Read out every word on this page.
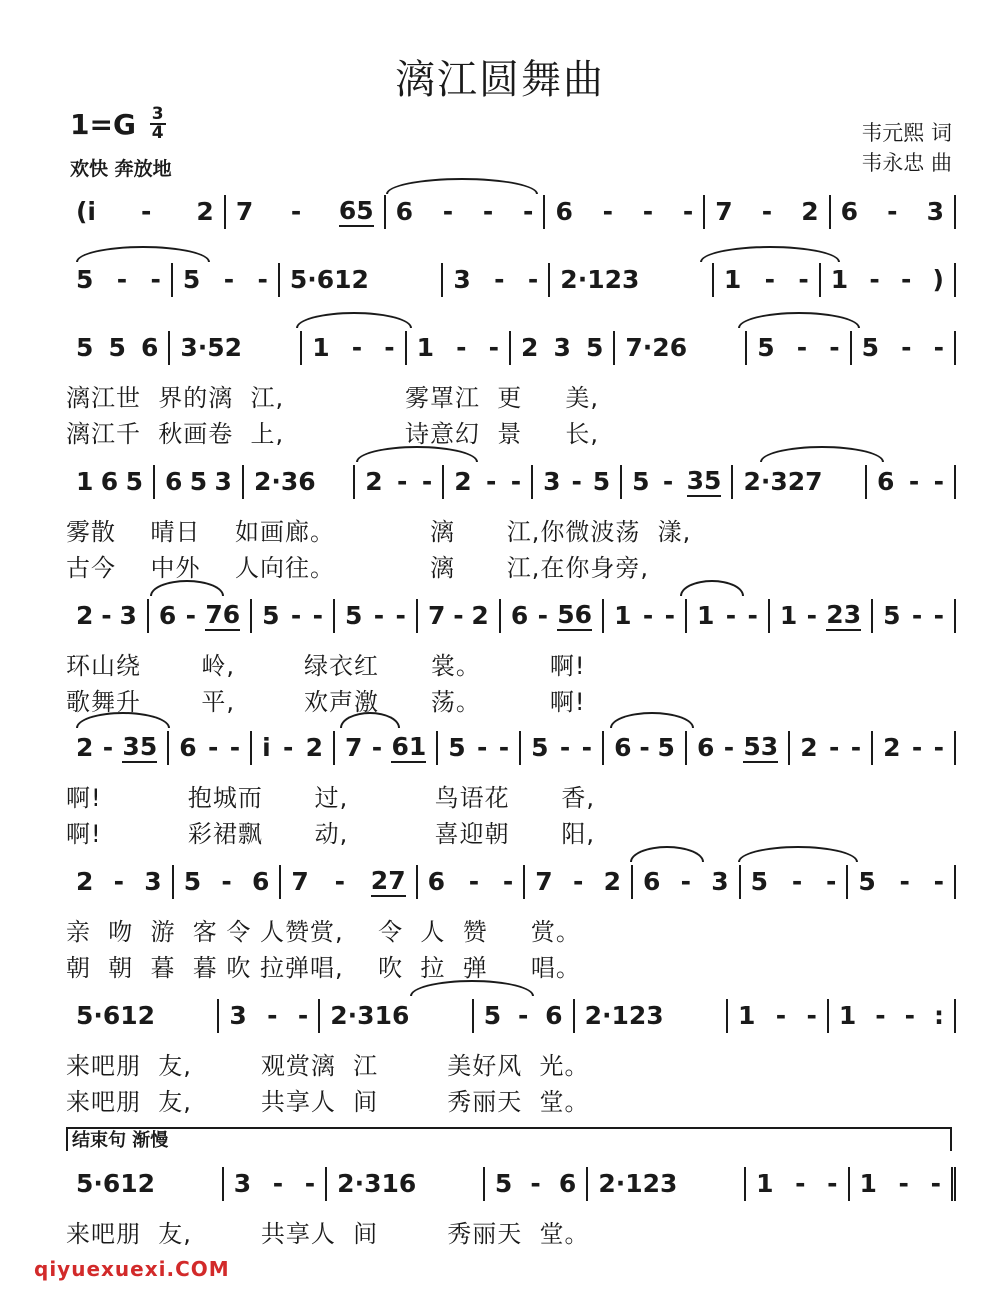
漓江圆舞曲
$1=G \frac{3}{4}$
欢快 奔放地
韦元熙 词
韦永忠 曲
(i - 2 7 - 65 6 - - - 6 - - - 7 - 2 6 - 3
5 - - 5 - - 5·612	3 - - 2·123	1 - - 1 - - )
5 5 6 3·52	1 - - 1 - - 2 3 5 7·26	5 - - 5 - -
漓江世  界的漓  江,              雾罩江  更     美,
漓江千  秋画卷  上,              诗意幻  景     长,
1 6 5 6 5 3 2·36 2 - - 2 - - 3 - 5 5 - 35 2·327 6 - -
雾散    晴日    如画廊。           漓      江,你微波荡  漾,
古今    中外    人向往。           漓      江,在你身旁,
2 - 3 6 - 76 5 - - 5 - - 7 - 2 6 - 56 1 - - 1 - - 1 - 23 5 - -
环山绕       岭,        绿衣红      裳。        啊!
歌舞升       平,        欢声激      荡。        啊!
2 - 35 6 - - i - 2 7 - 61 5 - - 5 - - 6 - 5 6 - 53 2 - - 2 - -
啊!          抱城而      过,          鸟语花      香,
啊!          彩裙飘      动,          喜迎朝      阳,
2 - 3 5 - 6 7 - 27 6 - - 7 - 2 6 - 3 5 - - 5 - -
亲  吻  游  客 令 人赞赏,    令  人  赞     赏。
朝  朝  暮  暮 吹 拉弹唱,    吹  拉  弹     唱。
5·612	3 - - 2·316	5 - 6 2·123	1 - - 1 - - :
来吧朋  友,        观赏漓  江        美好风  光。
来吧朋  友,        共享人  间        秀丽天  堂。
5·612	3 - - 2·316	5 - 6 2·123	1 - - 1 - -
来吧朋  友,        共享人  间        秀丽天  堂。
结束句 渐慢
qiyuexuexi.COM
